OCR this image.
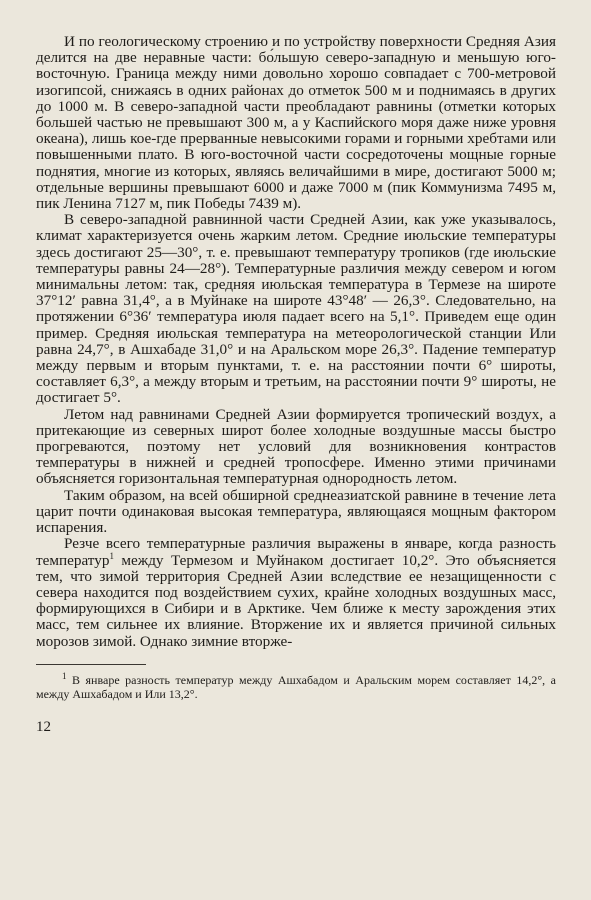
И по геологическому строению и по устройству поверхности Средняя Азия делится на две неравные части: бо́льшую северо-западную и меньшую юго-восточную. Граница между ними довольно хорошо совпадает с 700-метровой изогипсой, снижаясь в одних районах до отметок 500 м и поднимаясь в других до 1000 м. В северо-западной части преобладают равнины (отметки которых большей частью не превышают 300 м, а у Каспийского моря даже ниже уровня океана), лишь кое-где прерванные невысокими горами и горными хребтами или повышенными плато. В юго-восточной части сосредоточены мощные горные поднятия, многие из которых, являясь величайшими в мире, достигают 5000 м; отдельные вершины превышают 6000 и даже 7000 м (пик Коммунизма 7495 м, пик Ленина 7127 м, пик Победы 7439 м).

В северо-западной равнинной части Средней Азии, как уже указывалось, климат характеризуется очень жарким летом. Средние июльские температуры здесь достигают 25—30°, т. е. превышают температуру тропиков (где июльские температуры равны 24—28°). Температурные различия между севером и югом минимальны летом: так, средняя июльская температура в Термезе на широте 37°12′ равна 31,4°, а в Муйнаке на широте 43°48′ — 26,3°. Следовательно, на протяжении 6°36′ температура июля падает всего на 5,1°. Приведем еще один пример. Средняя июльская температура на метеорологической станции Или равна 24,7°, в Ашхабаде 31,0° и на Аральском море 26,3°. Падение температур между первым и вторым пунктами, т. е. на расстоянии почти 6° широты, составляет 6,3°, а между вторым и третьим, на расстоянии почти 9° широты, не достигает 5°.

Летом над равнинами Средней Азии формируется тропический воздух, а притекающие из северных широт более холодные воздушные массы быстро прогреваются, поэтому нет условий для возникновения контрастов температуры в нижней и средней тропосфере. Именно этими причинами объясняется горизонтальная температурная однородность летом.

Таким образом, на всей обширной среднеазиатской равнине в течение лета царит почти одинаковая высокая температура, являющаяся мощным фактором испарения.

Резче всего температурные различия выражены в январе, когда разность температур$^1$ между Термезом и Муйнаком достигает 10,2°. Это объясняется тем, что зимой территория Средней Азии вследствие ее незащищенности с севера находится под воздействием сухих, крайне холодных воздушных масс, формирующихся в Сибири и в Арктике. Чем ближе к месту зарождения этих масс, тем сильнее их влияние. Вторжение их и является причиной сильных морозов зимой. Однако зимние вторже-

$^1$ В январе разность температур между Ашхабадом и Аральским морем составляет 14,2°, а между Ашхабадом и Или 13,2°.

12
